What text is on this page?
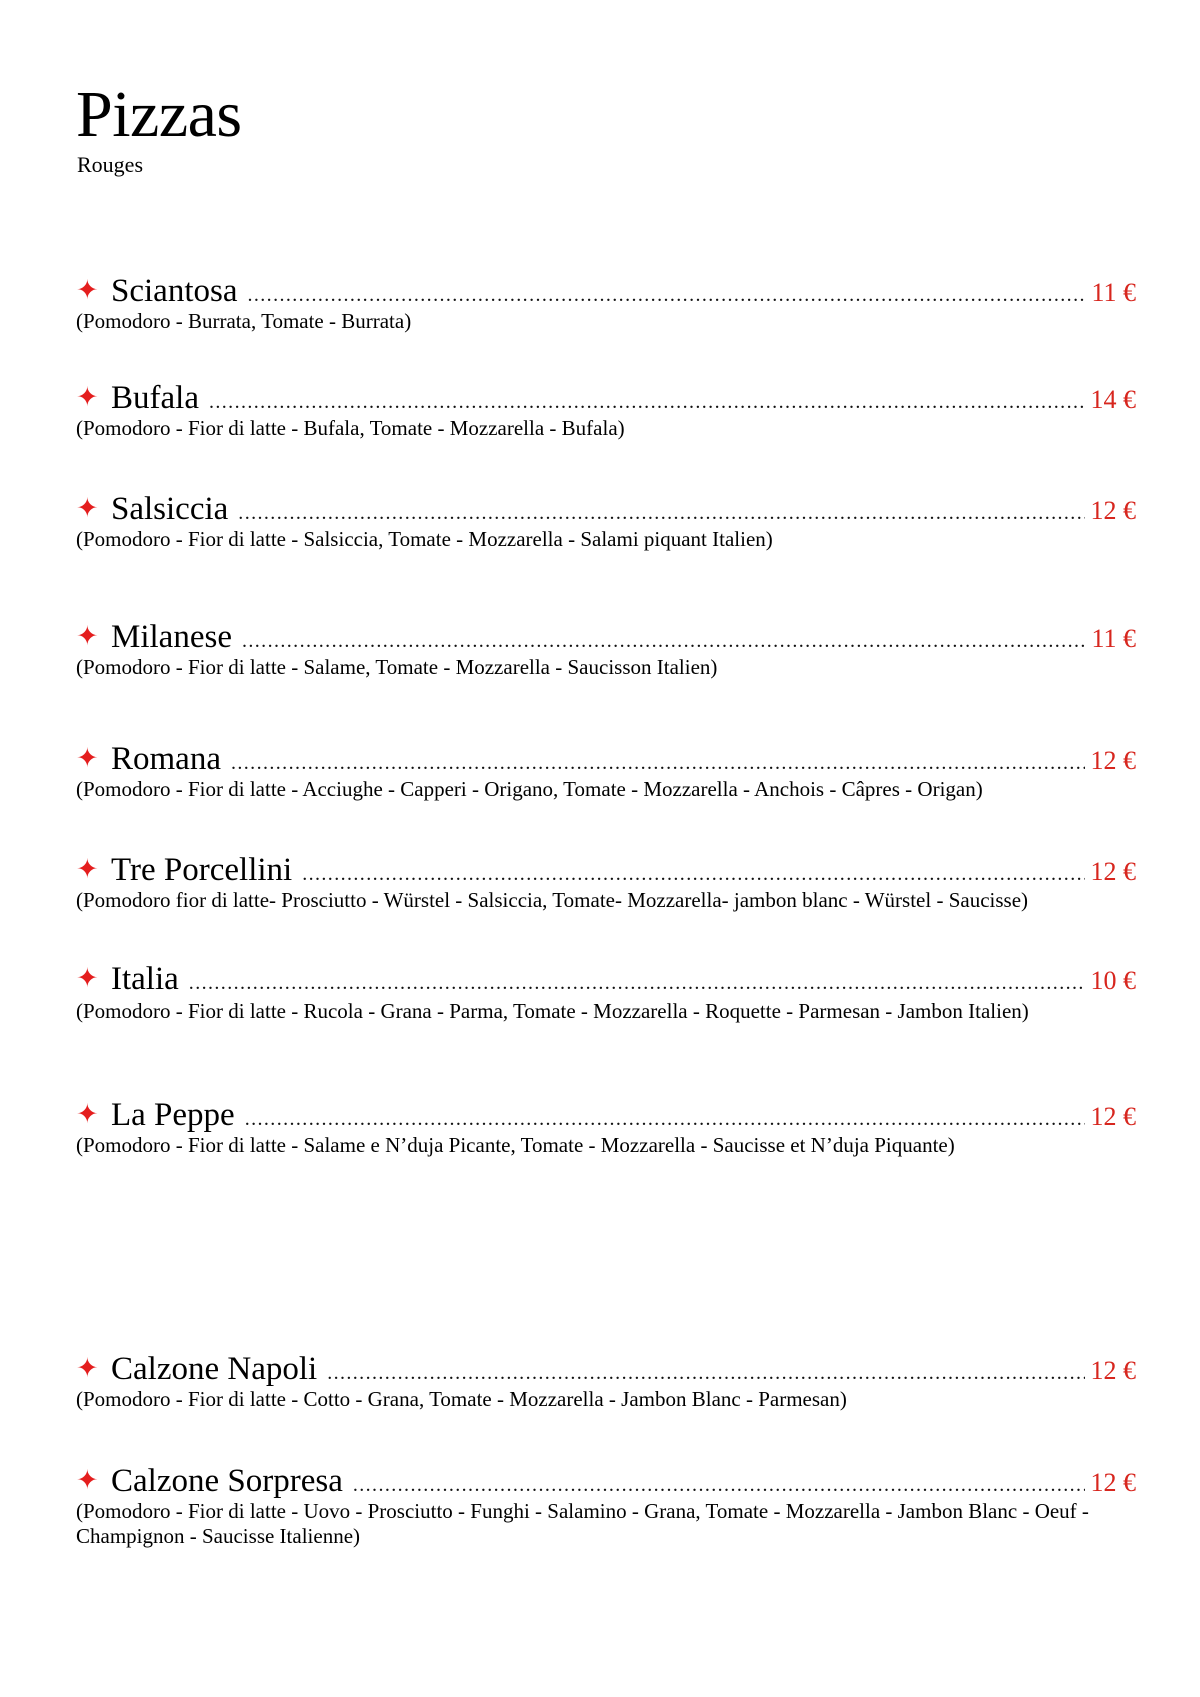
Pizzas
Rouges
✦ Sciantosa .....	11 €
(Pomodoro - Burrata, Tomate - Burrata)
✦ Bufala .....	14 €
(Pomodoro - Fior di latte - Bufala, Tomate - Mozzarella - Bufala)
✦ Salsiccia .....	12 €
(Pomodoro - Fior di latte - Salsiccia, Tomate - Mozzarella - Salami piquant Italien)
✦ Milanese .....	11 €
(Pomodoro - Fior di latte - Salame, Tomate - Mozzarella - Saucisson Italien)
✦ Romana .....	12 €
(Pomodoro - Fior di latte - Acciughe - Capperi - Origano, Tomate - Mozzarella - Anchois - Câpres - Origan)
✦ Tre Porcellini .....	12 €
(Pomodoro fior di latte- Prosciutto - Würstel - Salsiccia, Tomate- Mozzarella- jambon blanc - Würstel - Saucisse)
✦ Italia .....	10 €
(Pomodoro - Fior di latte - Rucola - Grana - Parma, Tomate - Mozzarella - Roquette - Parmesan - Jambon Italien)
✦ La Peppe .....	12 €
(Pomodoro - Fior di latte - Salame e N’duja Picante, Tomate - Mozzarella - Saucisse et N’duja Piquante)
✦ Calzone Napoli .....	12 €
(Pomodoro - Fior di latte - Cotto - Grana, Tomate - Mozzarella - Jambon Blanc - Parmesan)
✦ Calzone Sorpresa .....	12 €
(Pomodoro - Fior di latte - Uovo - Prosciutto - Funghi - Salamino - Grana, Tomate - Mozzarella - Jambon Blanc - Oeuf - Champignon - Saucisse Italienne)
